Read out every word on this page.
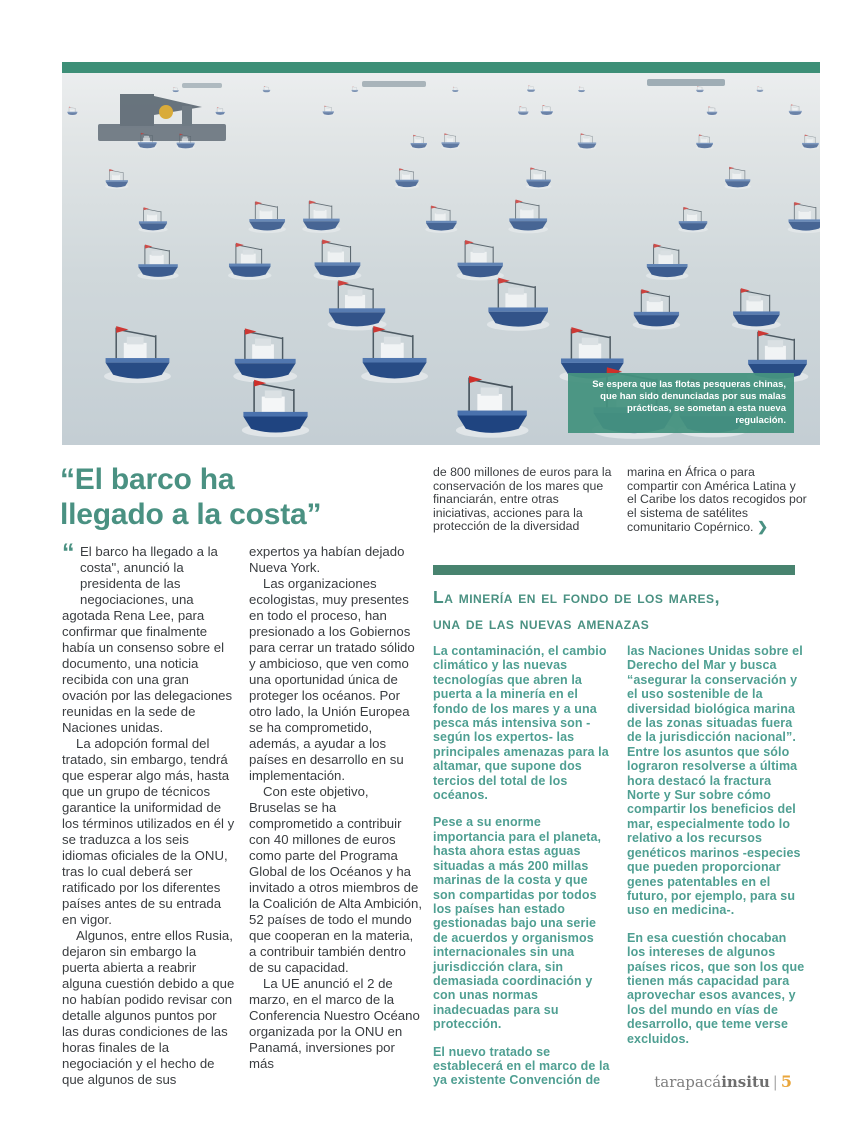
Se espera que las flotas pesqueras chinas, que han sido denunciadas por sus malas prácticas, se sometan a esta nueva regulación.
“El barco ha
llegado a la costa”

“ El barco ha llegado a la costa", anunció la presidenta de las negociaciones, una agotada Rena Lee, para confirmar que finalmente había un consenso sobre el documento, una noticia recibida con una gran ovación por las delegaciones reunidas en la sede de Naciones unidas.

La adopción formal del tratado, sin embargo, tendrá que esperar algo más, hasta que un grupo de técnicos garantice la uniformidad de los términos utilizados en él y se traduzca a los seis idiomas oficiales de la ONU, tras lo cual deberá ser ratificado por los diferentes países antes de su entrada en vigor.

Algunos, entre ellos Rusia, dejaron sin embargo la puerta abierta a reabrir alguna cuestión debido a que no habían podido revisar con detalle algunos puntos por las duras condiciones de las horas finales de la negociación y el hecho de que algunos de sus

expertos ya habían dejado Nueva York.

Las organizaciones ecologistas, muy presentes en todo el proceso, han presionado a los Gobiernos para cerrar un tratado sólido y ambicioso, que ven como una oportunidad única de proteger los océanos. Por otro lado, la Unión Europea se ha comprometido, además, a ayudar a los países en desarrollo en su implementación.

Con este objetivo, Bruselas se ha comprometido a contribuir con 40 millones de euros como parte del Programa Global de los Océanos y ha invitado a otros miembros de la Coalición de Alta Ambición, 52 países de todo el mundo que cooperan en la materia, a contribuir también dentro de su capacidad.

La UE anunció el 2 de marzo, en el marco de la Conferencia Nuestro Océano organizada por la ONU en Panamá, inversiones por más

de 800 millones de euros para la conservación de los mares que financiarán, entre otras iniciativas, acciones para la protección de la diversidad

marina en África o para compartir con América Latina y el Caribe los datos recogidos por el sistema de satélites comunitario Copérnico. ❯

La minería en el fondo de los mares, una de las nuevas amenazas

La contaminación, el cambio climático y las nuevas tecnologías que abren la puerta a la minería en el fondo de los mares y a una pesca más intensiva son -según los expertos- las principales amenazas para la altamar, que supone dos tercios del total de los océanos.

Pese a su enorme importancia para el planeta, hasta ahora estas aguas situadas a más 200 millas marinas de la costa y que son compartidas por todos los países han estado gestionadas bajo una serie de acuerdos y organismos internacionales sin una jurisdicción clara, sin demasiada coordinación y con unas normas inadecuadas para su protección.

El nuevo tratado se establecerá en el marco de la ya existente Convención de

las Naciones Unidas sobre el Derecho del Mar y busca “asegurar la conservación y el uso sostenible de la diversidad biológica marina de las zonas situadas fuera de la jurisdicción nacional”. Entre los asuntos que sólo lograron resolverse a última hora destacó la fractura Norte y Sur sobre cómo compartir los beneficios del mar, especialmente todo lo relativo a los recursos genéticos marinos -especies que pueden proporcionar genes patentables en el futuro, por ejemplo, para su uso en medicina-.

En esa cuestión chocaban los intereses de algunos países ricos, que son los que tienen más capacidad para aprovechar esos avances, y los del mundo en vías de desarrollo, que teme verse excluidos.

tarapacáinsitu | 5
